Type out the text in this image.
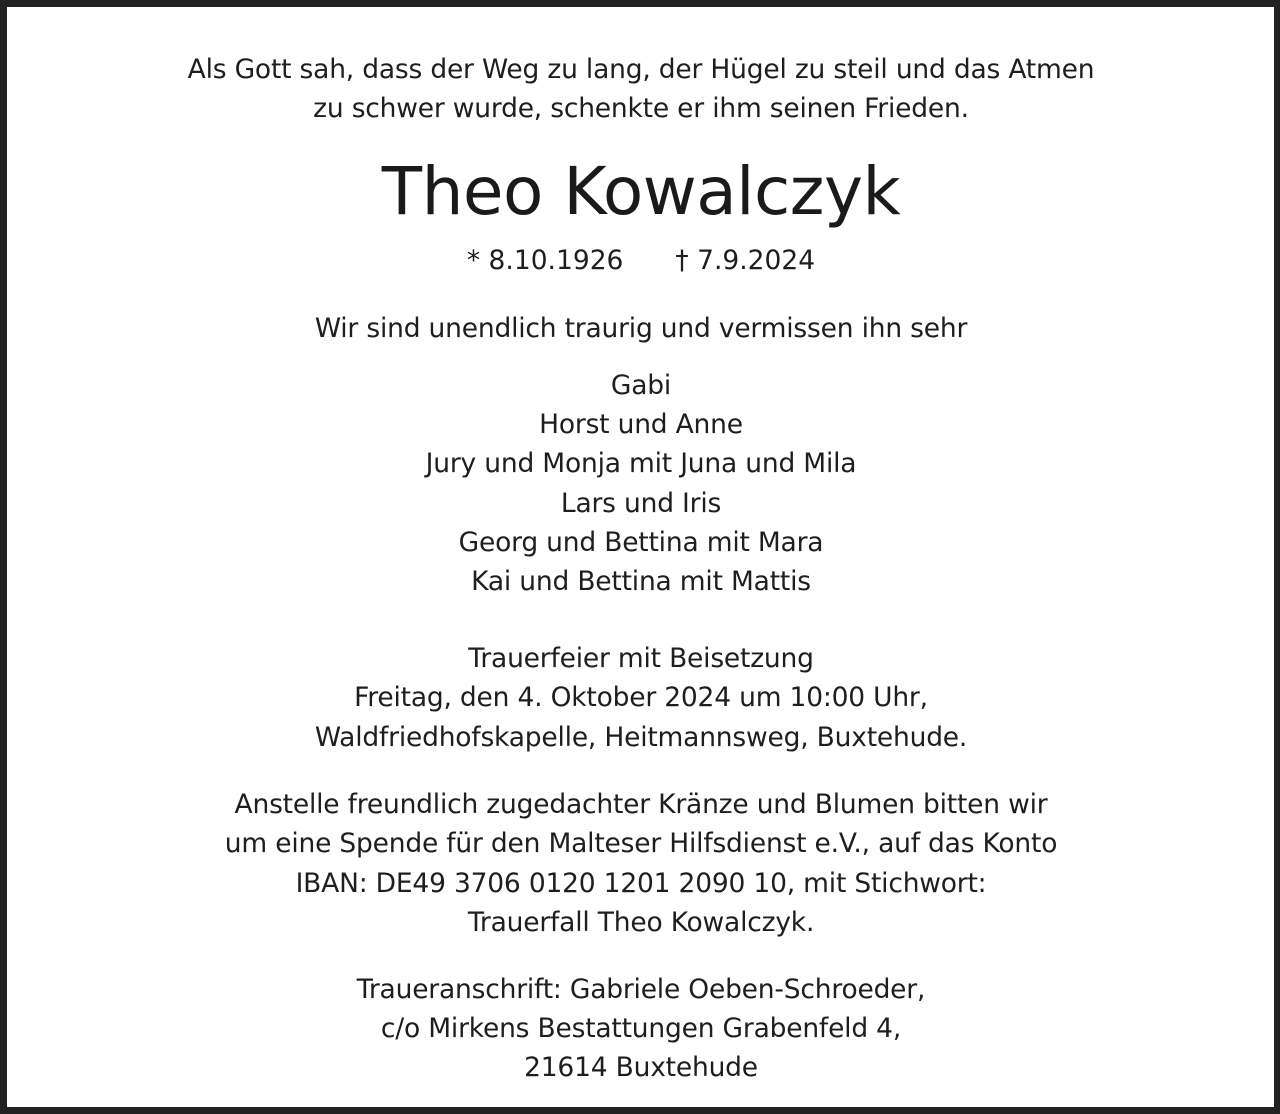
Als Gott sah, dass der Weg zu lang, der Hügel zu steil und das Atmen
zu schwer wurde, schenkte er ihm seinen Frieden.
Theo Kowalczyk
* 8.10.1926 † 7.9.2024
Wir sind unendlich traurig und vermissen ihn sehr
Gabi
Horst und Anne
Jury und Monja mit Juna und Mila
Lars und Iris
Georg und Bettina mit Mara
Kai und Bettina mit Mattis
Trauerfeier mit Beisetzung
Freitag, den 4. Oktober 2024 um 10:00 Uhr,
Waldfriedhofskapelle, Heitmannsweg, Buxtehude.
Anstelle freundlich zugedachter Kränze und Blumen bitten wir
um eine Spende für den Malteser Hilfsdienst e.V., auf das Konto
IBAN: DE49 3706 0120 1201 2090 10, mit Stichwort:
Trauerfall Theo Kowalczyk.
Traueranschrift: Gabriele Oeben-Schroeder,
c/o Mirkens Bestattungen Grabenfeld 4,
21614 Buxtehude
